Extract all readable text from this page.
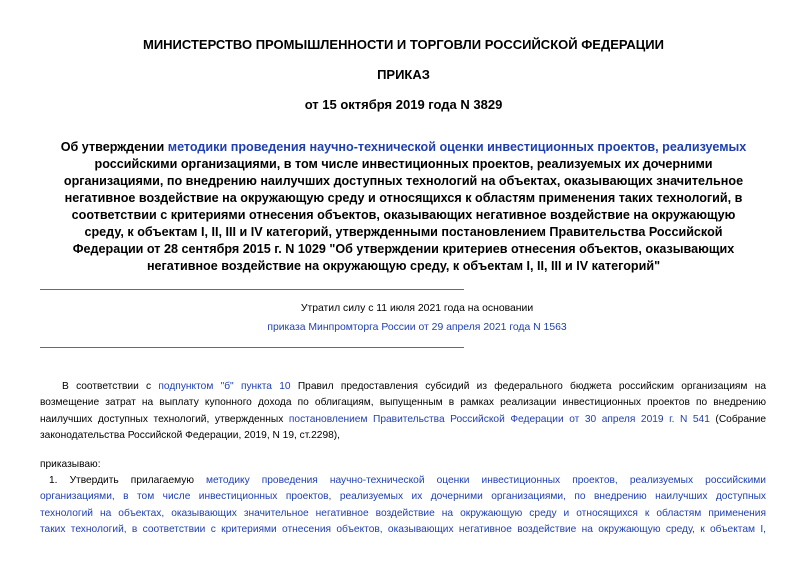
МИНИСТЕРСТВО ПРОМЫШЛЕННОСТИ И ТОРГОВЛИ РОССИЙСКОЙ ФЕДЕРАЦИИ
ПРИКАЗ
от 15 октября 2019 года N 3829
Об утверждении методики проведения научно-технической оценки инвестиционных проектов, реализуемых
российскими организациями, в том числе инвестиционных проектов, реализуемых их дочерними
организациями, по внедрению наилучших доступных технологий на объектах, оказывающих значительное
негативное воздействие на окружающую среду и относящихся к областям применения таких технологий, в
соответствии с критериями отнесения объектов, оказывающих негативное воздействие на окружающую
среду, к объектам I, II, III и IV категорий, утвержденными постановлением Правительства Российской
Федерации от 28 сентября 2015 г. N 1029 "Об утверждении критериев отнесения объектов, оказывающих
негативное воздействие на окружающую среду, к объектам I, II, III и IV категорий"
Утратил силу с 11 июля 2021 года на основании
приказа Минпромторга России от 29 апреля 2021 года N 1563
В соответствии с подпунктом "б" пункта 10 Правил предоставления субсидий из федерального бюджета российским организациям на
возмещение затрат на выплату купонного дохода по облигациям, выпущенным в рамках реализации инвестиционных проектов по внедрению
наилучших доступных технологий, утвержденных постановлением Правительства Российской Федерации от 30 апреля 2019 г. N 541 (Собрание
законодательства Российской Федерации, 2019, N 19, ст.2298),
приказываю:
1. Утвердить прилагаемую методику проведения научно-технической оценки инвестиционных проектов, реализуемых российскими
организациями, в том числе инвестиционных проектов, реализуемых их дочерними организациями, по внедрению наилучших доступных
технологий на объектах, оказывающих значительное негативное воздействие на окружающую среду и относящихся к областям применения
таких технологий, в соответствии с критериями отнесения объектов, оказывающих негативное воздействие на окружающую среду, к объектам I,
